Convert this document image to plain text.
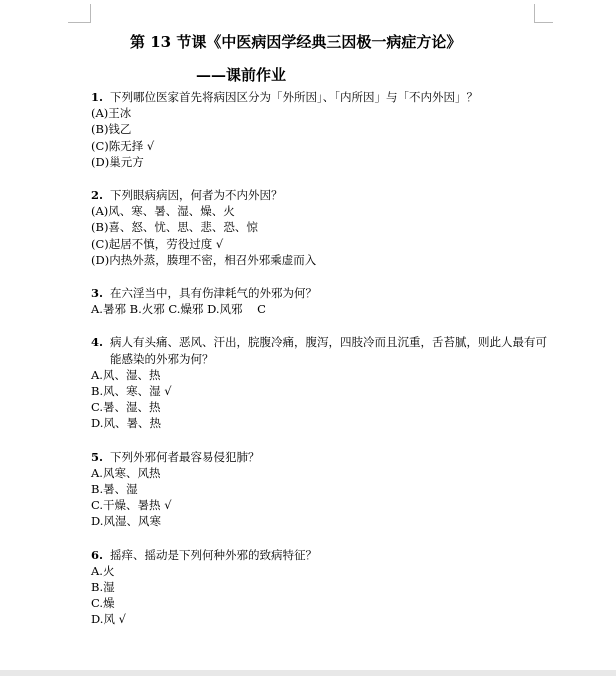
第 13 节课《中医病因学经典三因极一病症方论》
——课前作业
1. 下列哪位医家首先将病因区分为「外所因」、「内所因」与「不内外因」？
(A)王冰
(B)钱乙
(C)陈无择 √
(D)巢元方
2. 下列眼病病因，何者为不内外因？
(A)风、寒、暑、湿、燥、火
(B)喜、怒、忧、思、悲、恐、惊
(C)起居不慎，劳役过度 √
(D)内热外蒸，腠理不密，相召外邪乘虚而入
3. 在六淫当中，具有伤津耗气的外邪为何？
A.暑邪 B.火邪 C.燥邪 D.风邪    C
4. 病人有头痛、恶风、汗出，脘腹冷痛，腹泻，四肢冷而且沉重，舌苔腻，则此人最有可能感染的外邪为何？
A.风、湿、热
B.风、寒、湿 √
C.暑、湿、热
D.风、暑、热
5. 下列外邪何者最容易侵犯肺？
A.风寒、风热
B.暑、湿
C.干燥、暑热 √
D.风湿、风寒
6. 摇痒、摇动是下列何种外邪的致病特征？
A.火
B.湿
C.燥
D.风 √
